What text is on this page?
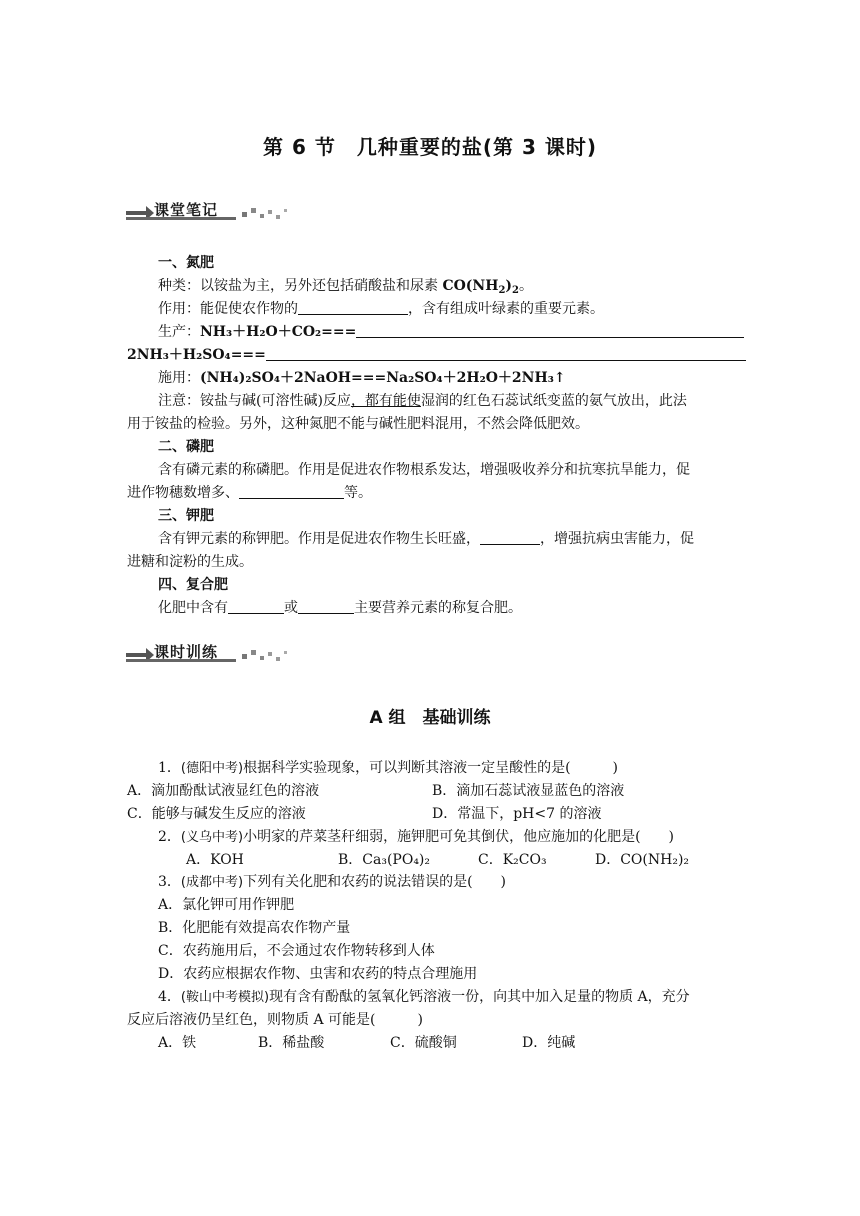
第 6 节　几种重要的盐(第 3 课时)
课堂笔记
一、氮肥
种类：以铵盐为主，另外还包括硝酸盐和尿素 $CO(NH_2)_2$。
作用：能促使农作物的	，含有组成叶绿素的重要元素。
生产：NH₃＋H₂O＋CO₂===
2NH₃＋H₂SO₄===
施用：(NH₄)₂SO₄＋2NaOH===Na₂SO₄＋2H₂O＋2NH₃↑
注意：铵盐与碱(可溶性碱)反应，都有能使湿润的红色石蕊试纸变蓝的氨气放出，此法
用于铵盐的检验。另外，这种氮肥不能与碱性肥料混用，不然会降低肥效。
二、磷肥
含有磷元素的称磷肥。作用是促进农作物根系发达，增强吸收养分和抗寒抗旱能力，促
进作物穗数增多、	等。
三、钾肥
含有钾元素的称钾肥。作用是促进农作物生长旺盛，	，增强抗病虫害能力，促
进糖和淀粉的生成。
四、复合肥
化肥中含有	或	主要营养元素的称复合肥。
课时训练
A 组　基础训练
1．(德阳中考)根据科学实验现象，可以判断其溶液一定呈酸性的是(　　　)
A．滴加酚酞试液显红色的溶液	B．滴加石蕊试液显蓝色的溶液
C．能够与碱发生反应的溶液	D．常温下，pH<7 的溶液
2．(义乌中考)小明家的芹菜茎秆细弱，施钾肥可免其倒伏，他应施加的化肥是(　　)
A．KOH	B．Ca₃(PO₄)₂	C．K₂CO₃	D．CO(NH₂)₂
3．(成都中考)下列有关化肥和农药的说法错误的是(　　)
A．氯化钾可用作钾肥
B．化肥能有效提高农作物产量
C．农药施用后，不会通过农作物转移到人体
D．农药应根据农作物、虫害和农药的特点合理施用
4．(鞍山中考模拟)现有含有酚酞的氢氧化钙溶液一份，向其中加入足量的物质 A，充分
反应后溶液仍呈红色，则物质 A 可能是(　　　)
A．铁	B．稀盐酸	C．硫酸铜	D．纯碱
